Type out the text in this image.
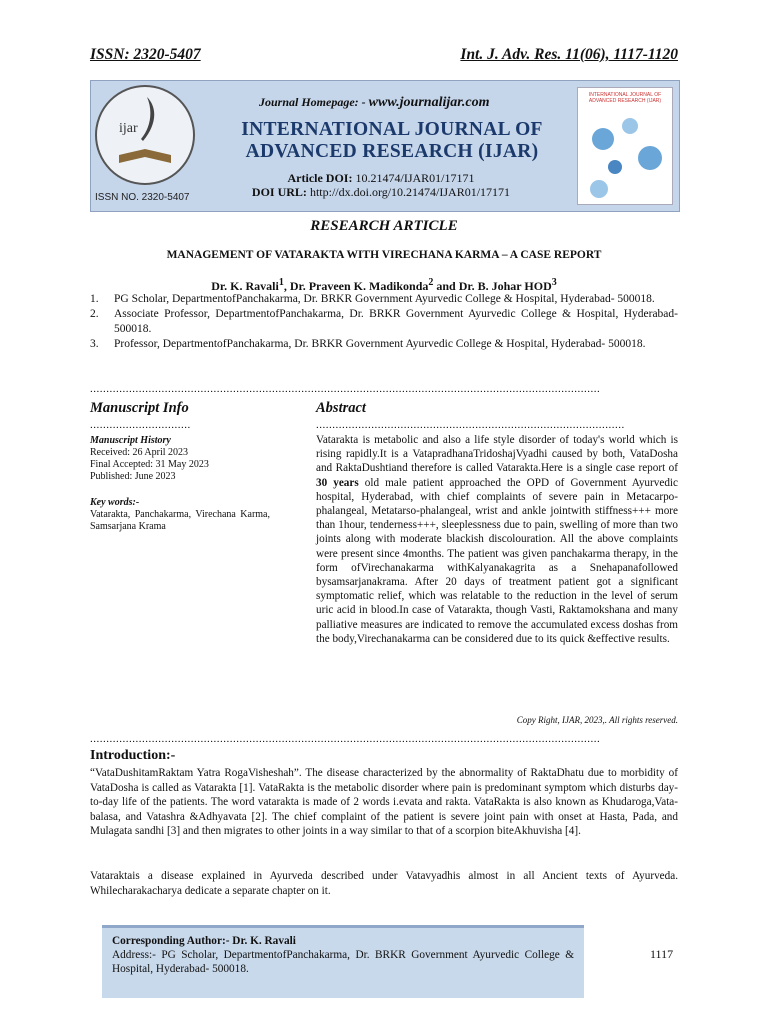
ISSN: 2320-5407	Int. J. Adv. Res. 11(06), 1117-1120
ijar
ISSN NO. 2320-5407
Journal Homepage: - www.journalijar.com
INTERNATIONAL JOURNAL OF ADVANCED RESEARCH (IJAR)
Article DOI: 10.21474/IJAR01/17171
DOI URL: http://dx.doi.org/10.21474/IJAR01/17171
INTERNATIONAL JOURNAL OF ADVANCED RESEARCH (IJAR)
RESEARCH ARTICLE
MANAGEMENT OF VATARAKTA WITH VIRECHANA KARMA – A CASE REPORT
Dr. K. Ravali$^1$, Dr. Praveen K. Madikonda$^2$ and Dr. B. Johar HOD$^3$
1.	PG Scholar, DepartmentofPanchakarma, Dr. BRKR Government Ayurvedic College & Hospital, Hyderabad- 500018.
2.	Associate Professor, DepartmentofPanchakarma, Dr. BRKR Government Ayurvedic College & Hospital, Hyderabad- 500018.
3.	Professor, DepartmentofPanchakarma, Dr. BRKR Government Ayurvedic College & Hospital, Hyderabad- 500018.
.............................................................................................................................................................
Manuscript Info	Abstract
...............................	...............................................................................................
Manuscript History
Received: 26 April 2023
Final Accepted: 31 May 2023
Published: June 2023
Key words:-
Vatarakta, Panchakarma, Virechana Karma, Samsarjana Krama
Vatarakta is metabolic and also a life style disorder of today's world which is rising rapidly.It is a VatapradhanaTridoshajVyadhi caused by both, VataDosha and RaktaDushtiand therefore is called Vatarakta.Here is a single case report of 30 years old male patient approached the OPD of Government Ayurvedic hospital, Hyderabad, with chief complaints of severe pain in Metacarpo-phalangeal, Metatarso-phalangeal, wrist and ankle jointwith stiffness+++ more than 1hour, tenderness+++, sleeplessness due to pain, swelling of more than two joints along with moderate blackish discolouration. All the above complaints were present since 4months. The patient was given panchakarma therapy, in the form ofVirechanakarma withKalyanakagrita as a Snehapanafollowed bysamsarjanakrama. After 20 days of treatment patient got a significant symptomatic relief, which was relatable to the reduction in the level of serum uric acid in blood.In case of Vatarakta, though Vasti, Raktamokshana and many palliative measures are indicated to remove the accumulated excess doshas from the body,Virechanakarma can be considered due to its quick &effective results.
Copy Right, IJAR, 2023,. All rights reserved.
.............................................................................................................................................................
Introduction:-
“VataDushitamRaktam Yatra RogaVisheshah”. The disease characterized by the abnormality of RaktaDhatu due to morbidity of VataDosha is called as Vatarakta [1]. VataRakta is the metabolic disorder where pain is predominant symptom which disturbs day-to-day life of the patients. The word vatarakta is made of 2 words i.evata and rakta. VataRakta is also known as Khudaroga,Vata-balasa, and Vatashra &Adhyavata [2]. The chief complaint of the patient is severe joint pain with onset at Hasta, Pada, and Mulagata sandhi [3] and then migrates to other joints in a way similar to that of a scorpion biteAkhuvisha [4].
Vataraktais a disease explained in Ayurveda described under Vatavyadhis almost in all Ancient texts of Ayurveda. Whilecharakacharya dedicate a separate chapter on it.
Corresponding Author:- Dr. K. Ravali
Address:- PG Scholar, DepartmentofPanchakarma, Dr. BRKR Government Ayurvedic College & Hospital, Hyderabad- 500018.
1117
